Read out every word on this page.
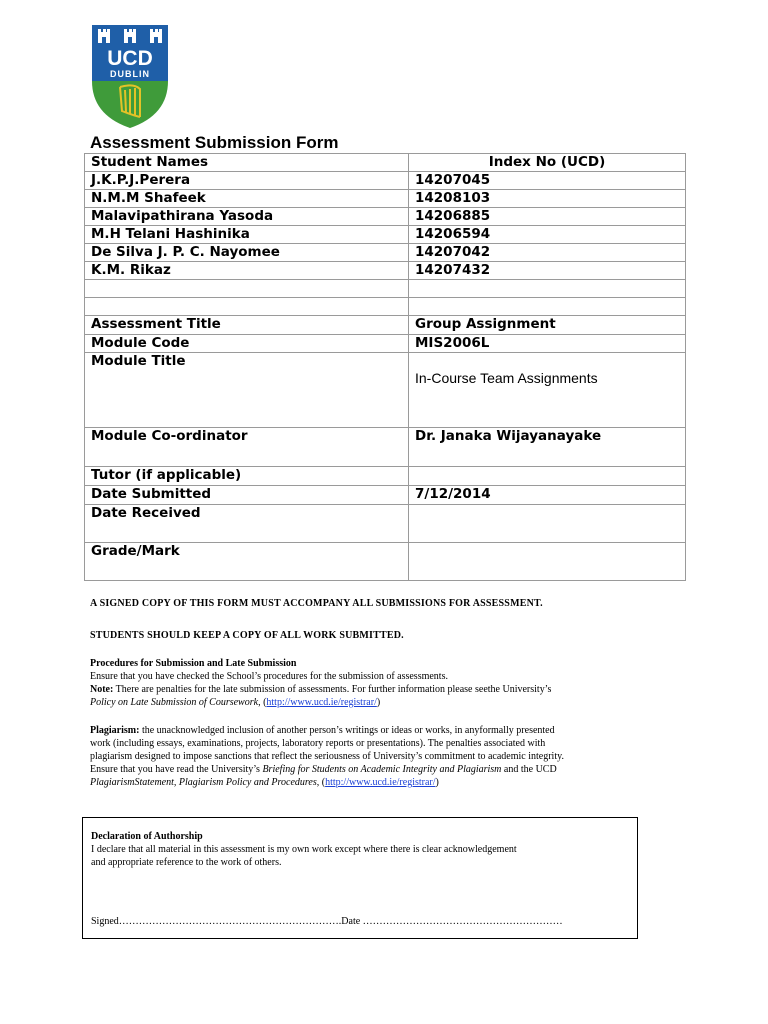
UCD
DUBLIN
Assessment Submission Form
Student Names	Index No (UCD)
J.K.P.J.Perera	14207045
N.M.M Shafeek	14208103
Malavipathirana Yasoda	14206885
M.H Telani Hashinika	14206594
De Silva J. P. C. Nayomee	14207042
K.M. Rikaz	14207432

Assessment Title	Group Assignment
Module Code	MIS2006L
Module Title	In-Course Team Assignments
Module Co-ordinator	Dr. Janaka Wijayanayake
Tutor (if applicable)	
Date Submitted	7/12/2014
Date Received	
Grade/Mark	
A SIGNED COPY OF THIS FORM MUST ACCOMPANY ALL SUBMISSIONS FOR ASSESSMENT.
STUDENTS SHOULD KEEP A COPY OF ALL WORK SUBMITTED.
Procedures for Submission and Late Submission
Ensure that you have checked the School’s procedures for the submission of assessments.
Note: There are penalties for the late submission of assessments. For further information please seethe University’s
Policy on Late Submission of Coursework, (http://www.ucd.ie/registrar/)
Plagiarism: the unacknowledged inclusion of another person’s writings or ideas or works, in anyformally presented
work (including essays, examinations, projects, laboratory reports or presentations). The penalties associated with
plagiarism designed to impose sanctions that reflect the seriousness of University’s commitment to academic integrity.
Ensure that you have read the University’s Briefing for Students on Academic Integrity and Plagiarism and the UCD
PlagiarismStatement, Plagiarism Policy and Procedures, (http://www.ucd.ie/registrar/)
Declaration of Authorship
I declare that all material in this assessment is my own work except where there is clear acknowledgement
and appropriate reference to the work of others.
Signed………………………………………………………….Date ……………………………………………………
